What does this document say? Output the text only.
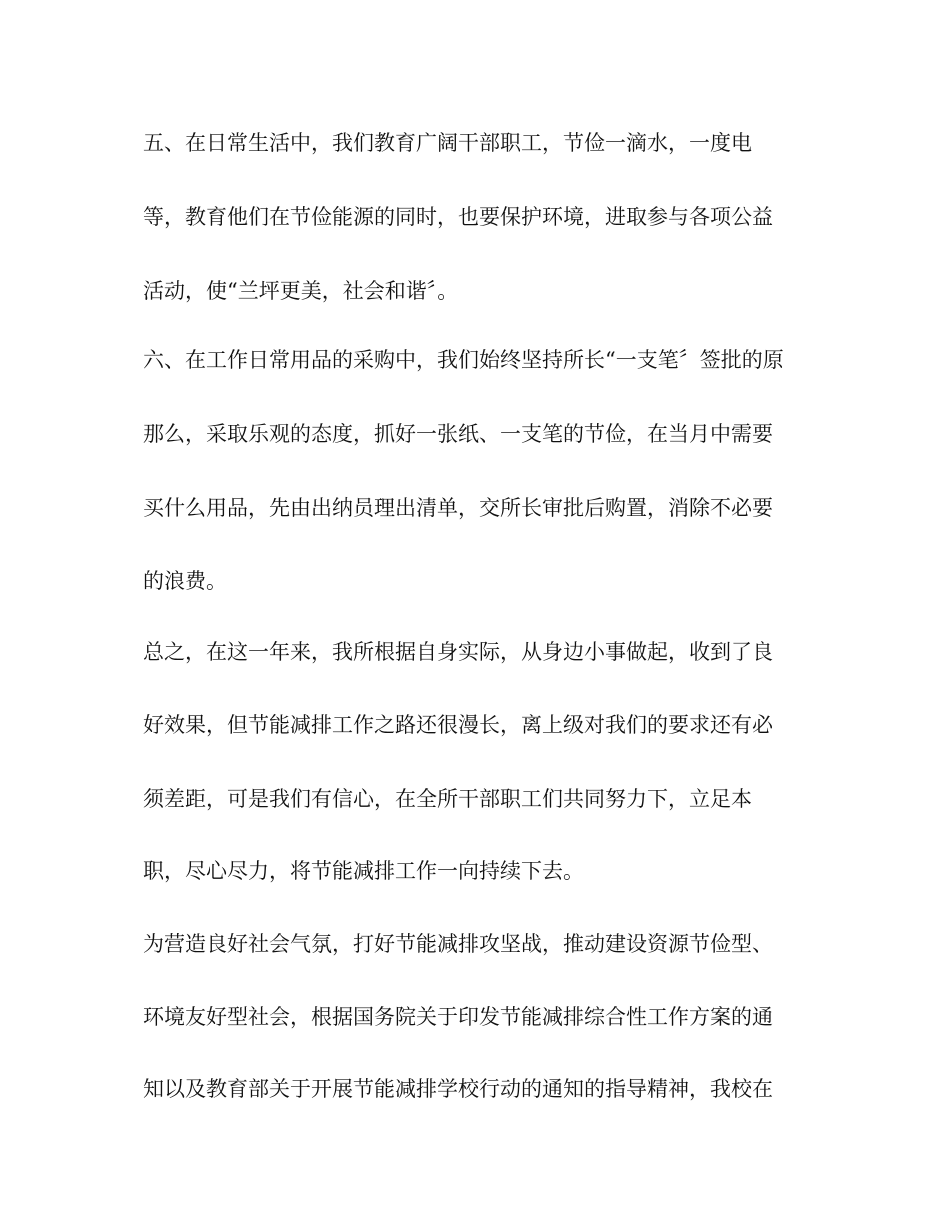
五、在日常生活中，我们教育广阔干部职工，节俭一滴水，一度电

等，教育他们在节俭能源的同时，也要保护环境，进取参与各项公益

活动，使“兰坪更美，社会和谐〞。

六、在工作日常用品的采购中，我们始终坚持所长“一支笔〞签批的原

那么，采取乐观的态度，抓好一张纸、一支笔的节俭，在当月中需要

买什么用品，先由出纳员理出清单，交所长审批后购置，消除不必要

的浪费。

总之，在这一年来，我所根据自身实际，从身边小事做起，收到了良

好效果，但节能减排工作之路还很漫长，离上级对我们的要求还有必

须差距，可是我们有信心，在全所干部职工们共同努力下，立足本

职，尽心尽力，将节能减排工作一向持续下去。

为营造良好社会气氛，打好节能减排攻坚战，推动建设资源节俭型、

环境友好型社会，根据国务院关于印发节能减排综合性工作方案的通

知以及教育部关于开展节能减排学校行动的通知的指导精神，我校在
